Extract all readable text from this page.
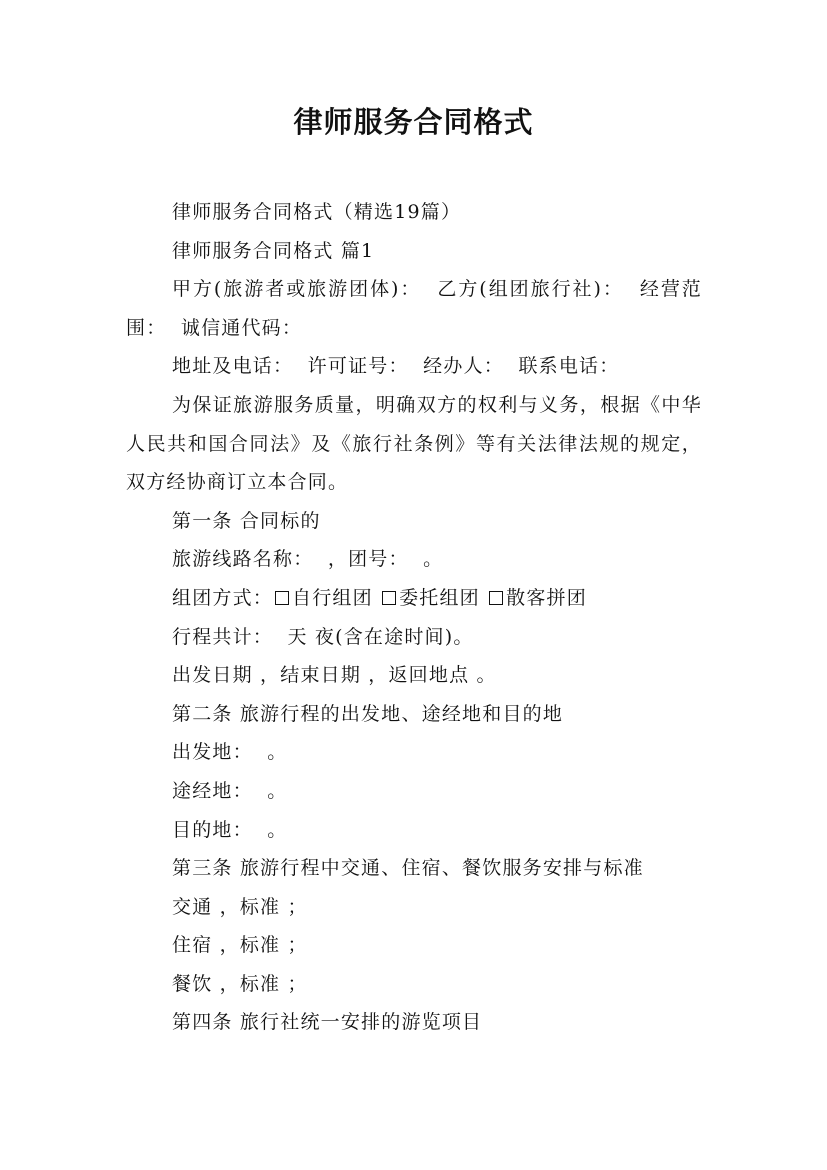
律师服务合同格式

律师服务合同格式（精选19篇）

律师服务合同格式 篇1

甲方(旅游者或旅游团体)：  乙方(组团旅行社)：  经营范围：  诚信通代码：

地址及电话：  许可证号：  经办人：  联系电话：

为保证旅游服务质量，明确双方的权利与义务，根据《中华人民共和国合同法》及《旅行社条例》等有关法律法规的规定，双方经协商订立本合同。

第一条 合同标的

旅游线路名称：  ，团号：  。

组团方式： 自行组团 委托组团 散客拼团

行程共计：  天 夜(含在途时间)。

出发日期 ，结束日期 ，返回地点 。

第二条 旅游行程的出发地、途经地和目的地

出发地：  。

途经地：  。

目的地：  。

第三条 旅游行程中交通、住宿、餐饮服务安排与标准

交通 ，标准 ；

住宿 ，标准 ；

餐饮 ，标准 ；

第四条 旅行社统一安排的游览项目
